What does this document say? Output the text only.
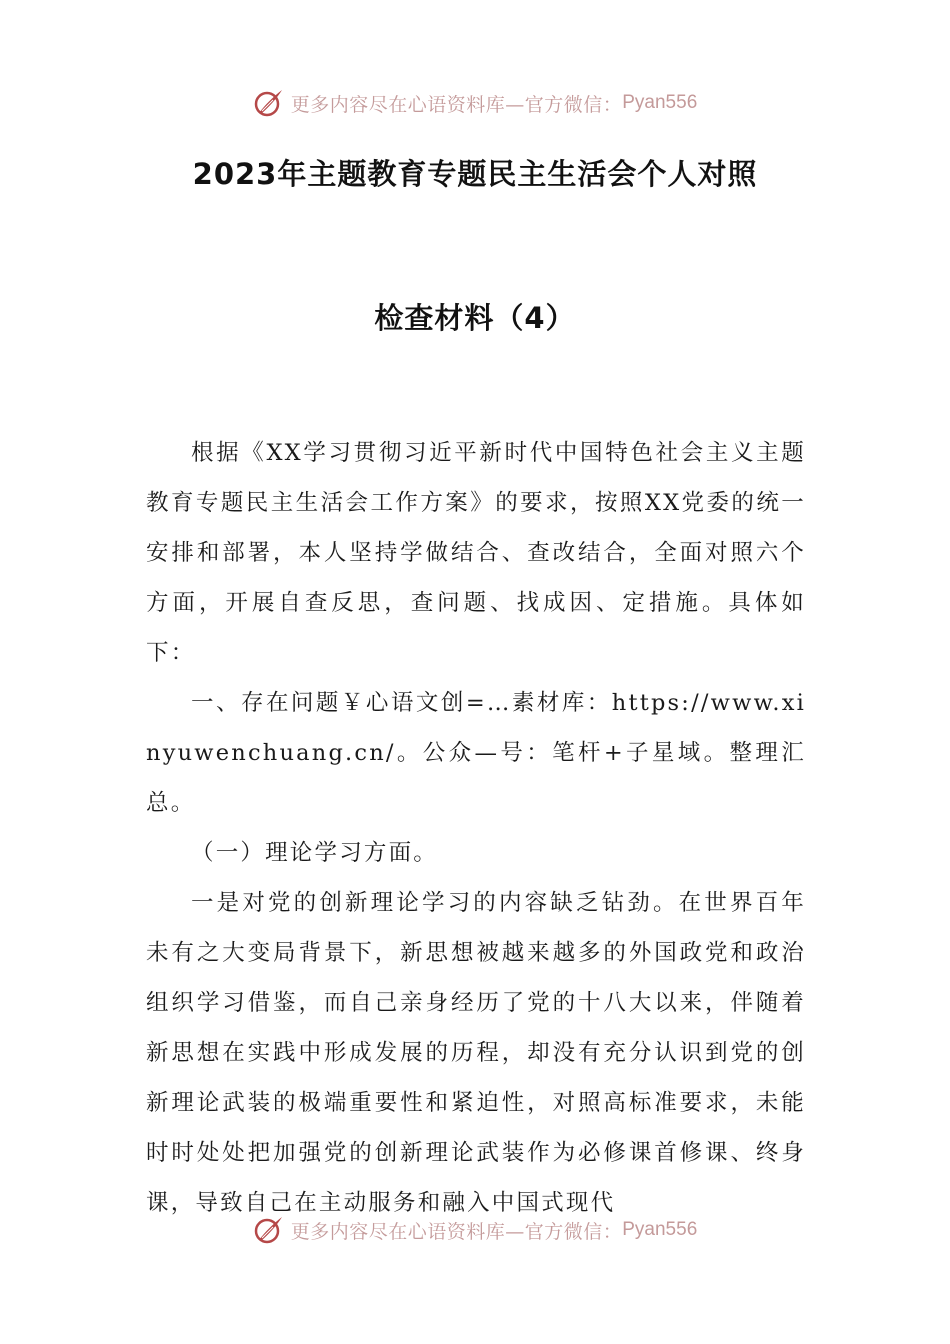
更多内容尽在心语资料库—官方微信： Pyan556
2023年主题教育专题民主生活会个人对照
检查材料（4）

根据《XX学习贯彻习近平新时代中国特色社会主义主题教育专题民主生活会工作方案》的要求，按照XX党委的统一安排和部署，本人坚持学做结合、查改结合，全面对照六个方面，开展自查反思，查问题、找成因、定措施。具体如下：

一、存在问题￥心语文创=…素材库：https://www.xinyuwenchuang.cn/。公众—号：笔杆+子星域。整理汇总。

（一）理论学习方面。

一是对党的创新理论学习的内容缺乏钻劲。在世界百年未有之大变局背景下，新思想被越来越多的外国政党和政治组织学习借鉴，而自己亲身经历了党的十八大以来，伴随着新思想在实践中形成发展的历程，却没有充分认识到党的创新理论武装的极端重要性和紧迫性，对照高标准要求，未能时时处处把加强党的创新理论武装作为必修课首修课、终身课，导致自己在主动服务和融入中国式现代

更多内容尽在心语资料库—官方微信： Pyan556
